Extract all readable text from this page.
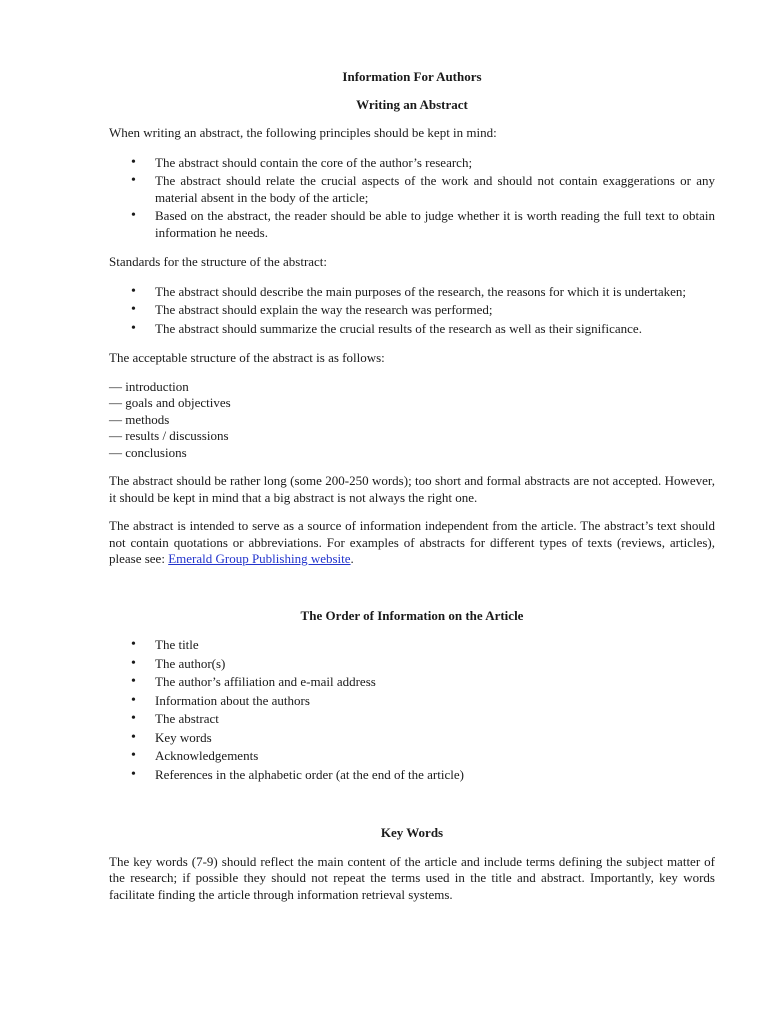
Information For Authors

Writing an Abstract

When writing an abstract, the following principles should be kept in mind:

• The abstract should contain the core of the author’s research;
• The abstract should relate the crucial aspects of the work and should not contain exaggerations or any material absent in the body of the article;
• Based on the abstract, the reader should be able to judge whether it is worth reading the full text to obtain information he needs.

Standards for the structure of the abstract:

• The abstract should describe the main purposes of the research, the reasons for which it is undertaken;
• The abstract should explain the way the research was performed;
• The abstract should summarize the crucial results of the research as well as their significance.

The acceptable structure of the abstract is as follows:

— introduction
— goals and objectives
— methods
— results / discussions
— conclusions

The abstract should be rather long (some 200-250 words); too short and formal abstracts are not accepted. However, it should be kept in mind that a big abstract is not always the right one.

The abstract is intended to serve as a source of information independent from the article. The abstract’s text should not contain quotations or abbreviations. For examples of abstracts for different types of texts (reviews, articles), please see: Emerald Group Publishing website.

The Order of Information on the Article

• The title
• The author(s)
• The author’s affiliation and e-mail address
• Information about the authors
• The abstract
• Key words
• Acknowledgements
• References in the alphabetic order (at the end of the article)

Key Words

The key words (7-9) should reflect the main content of the article and include terms defining the subject matter of the research; if possible they should not repeat the terms used in the title and abstract. Importantly, key words facilitate finding the article through information retrieval systems.
